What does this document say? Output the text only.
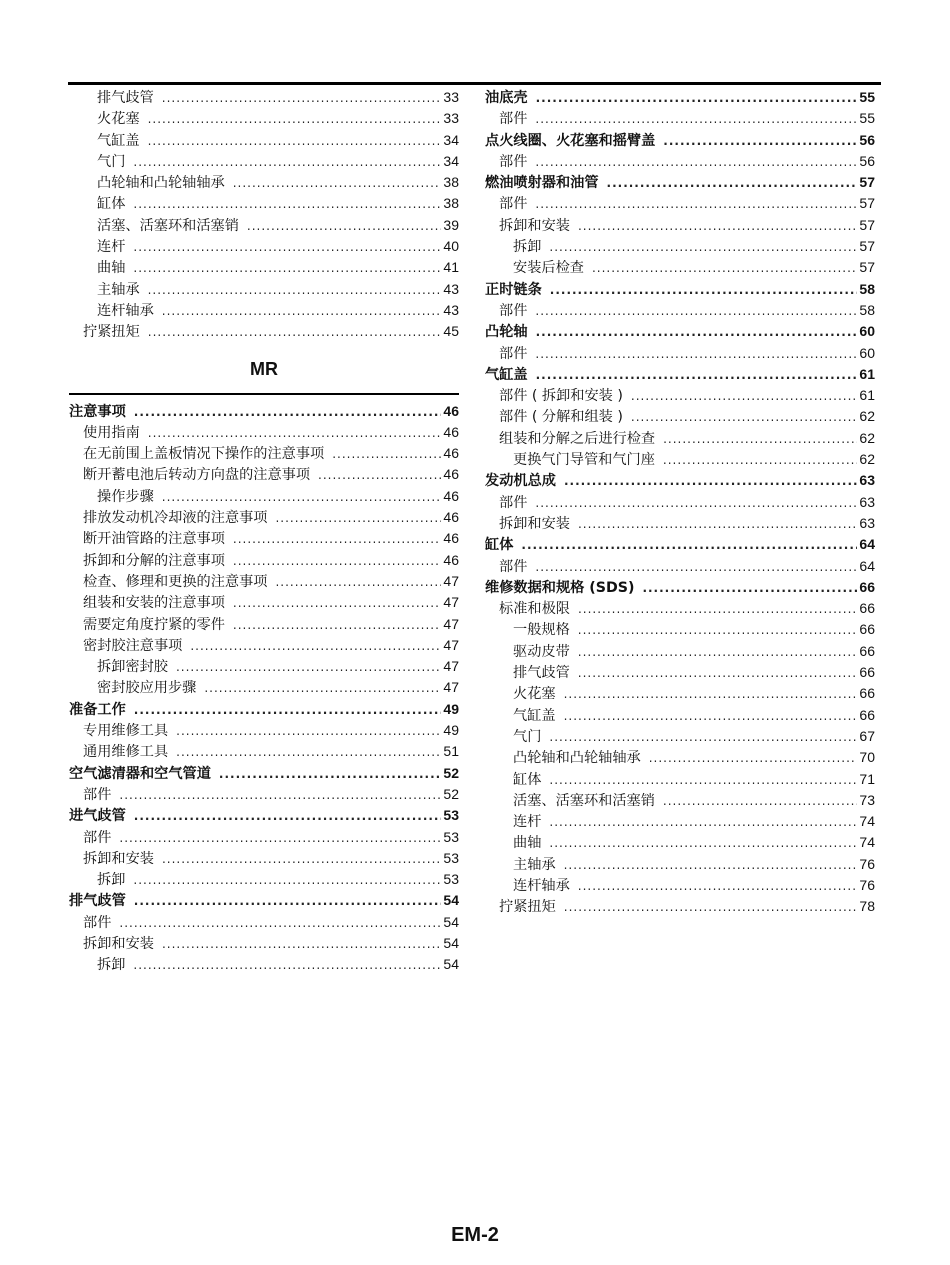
排气歧管 .....	33
火花塞 .....	33
气缸盖 .....	34
气门 .....	34
凸轮轴和凸轮轴轴承 .....	38
缸体 .....	38
活塞、活塞环和活塞销 .....	39
连杆 .....	40
曲轴 .....	41
主轴承 .....	43
连杆轴承 .....	43
拧紧扭矩 .....	45
MR
注意事项 .....	46
使用指南 .....	46
在无前围上盖板情况下操作的注意事项 .....	46
断开蓄电池后转动方向盘的注意事项 .....	46
操作步骤 .....	46
排放发动机冷却液的注意事项 .....	46
断开油管路的注意事项 .....	46
拆卸和分解的注意事项 .....	46
检查、修理和更换的注意事项 .....	47
组装和安装的注意事项 .....	47
需要定角度拧紧的零件 .....	47
密封胶注意事项 .....	47
拆卸密封胶 .....	47
密封胶应用步骤 .....	47
准备工作 .....	49
专用维修工具 .....	49
通用维修工具 .....	51
空气滤清器和空气管道 .....	52
部件 .....	52
进气歧管 .....	53
部件 .....	53
拆卸和安装 .....	53
拆卸 .....	53
排气歧管 .....	54
部件 .....	54
拆卸和安装 .....	54
拆卸 .....	54
油底壳 .....	55
部件 .....	55
点火线圈、火花塞和摇臂盖 .....	56
部件 .....	56
燃油喷射器和油管 .....	57
部件 .....	57
拆卸和安装 .....	57
拆卸 .....	57
安装后检查 .....	57
正时链条 .....	58
部件 .....	58
凸轮轴 .....	60
部件 .....	60
气缸盖 .....	61
部件 ( 拆卸和安装 ) .....	61
部件 ( 分解和组装 ) .....	62
组装和分解之后进行检查 .....	62
更换气门导管和气门座 .....	62
发动机总成 .....	63
部件 .....	63
拆卸和安装 .....	63
缸体 .....	64
部件 .....	64
维修数据和规格 (SDS) .....	66
标准和极限 .....	66
一般规格 .....	66
驱动皮带 .....	66
排气歧管 .....	66
火花塞 .....	66
气缸盖 .....	66
气门 .....	67
凸轮轴和凸轮轴轴承 .....	70
缸体 .....	71
活塞、活塞环和活塞销 .....	73
连杆 .....	74
曲轴 .....	74
主轴承 .....	76
连杆轴承 .....	76
拧紧扭矩 .....	78
EM-2
